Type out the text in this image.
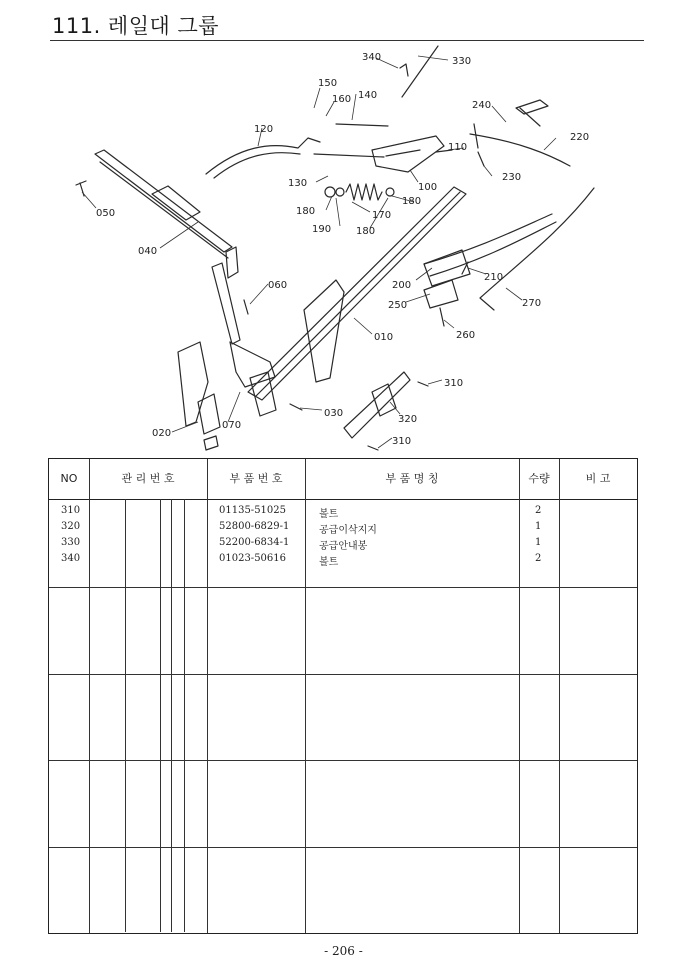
111. 레일대 그룹
340	330
150
160 140
120
240
220
110
230
130	100
180
180
170
190 180
050
040
200
210
250	270
260
060
010
310
030
320
310
020
070
NO	관 리 번 호	부 품 번 호	부 품 명 칭	수량	비 고
310	01135-51025	볼트	2
320	52800-6829-1	공급이삭지지	1
330	52200-6834-1	공급안내봉	1
340	01023-50616	볼트	2
- 206 -
